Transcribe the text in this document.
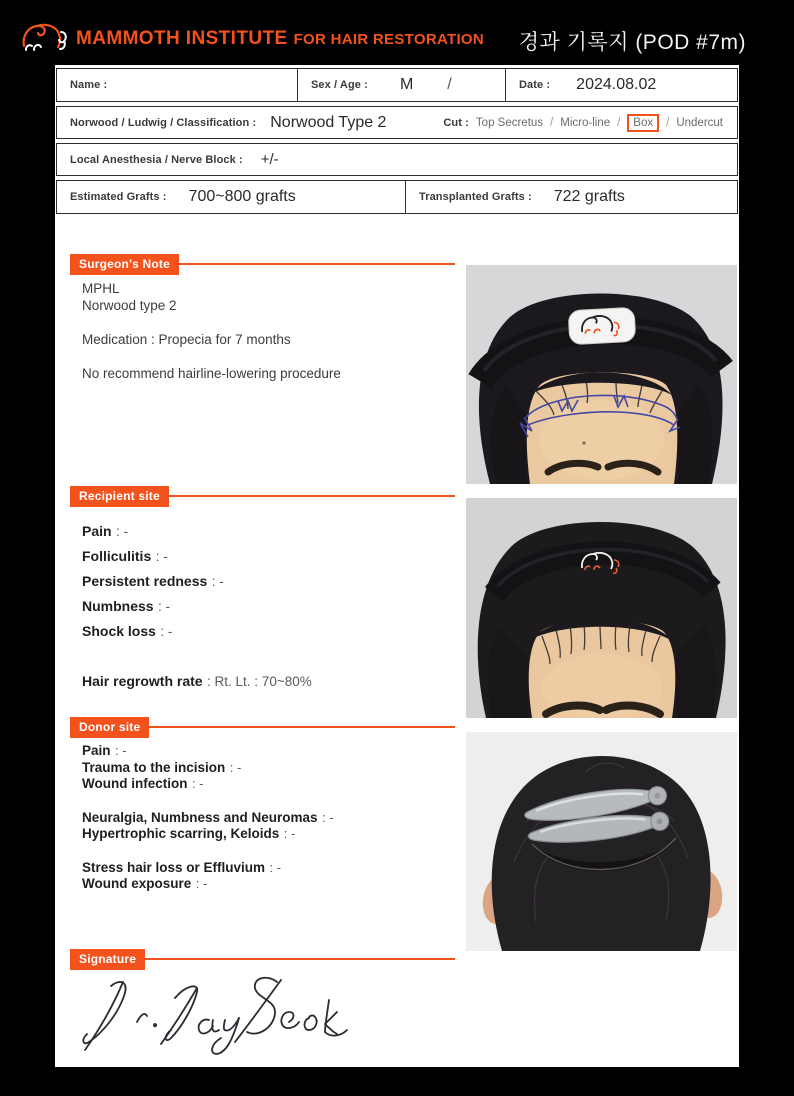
MAMMOTH INSTITUTE FOR HAIR RESTORATION 경과 기록지 (POD #7m)
Name :	Sex / Age : M /	Date : 2024.08.02
Norwood / Ludwig / Classification : Norwood Type 2	Cut : Top Secretus / Micro-line /	Box	/ Undercut
Local Anesthesia / Nerve Block : +/-
Estimated Grafts : 700~800 grafts	Transplanted Grafts : 722 grafts
Surgeon's Note
MPHL
Norwood type 2
Medication : Propecia for 7 months
No recommend hairline-lowering procedure
Recipient site
Pain : -
Folliculitis : -
Persistent redness : -
Numbness : -
Shock loss : -
Hair regrowth rate : Rt. Lt. : 70~80%
Donor site
Pain : -
Trauma to the incision : -
Wound infection : -
Neuralgia, Numbness and Neuromas : -
Hypertrophic scarring, Keloids : -
Stress hair loss or Effluvium : -
Wound exposure : -
Signature
